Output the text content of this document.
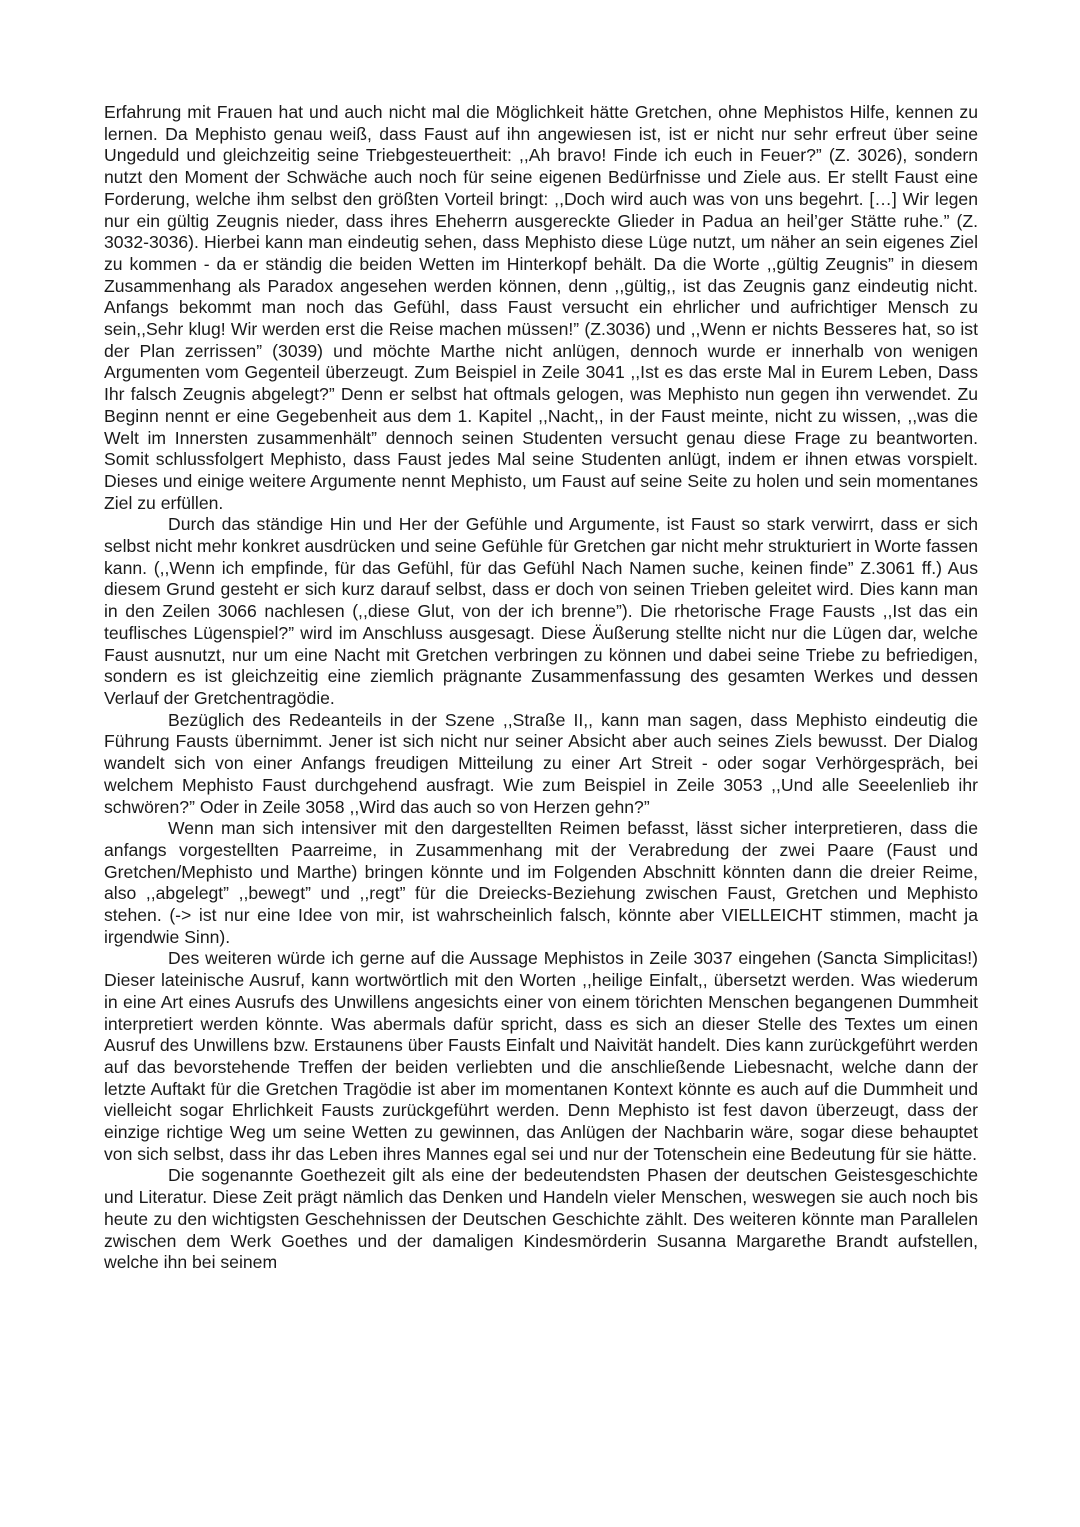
Erfahrung mit Frauen hat und auch nicht mal die Möglichkeit hätte Gretchen, ohne Mephistos Hilfe, kennen zu lernen. Da Mephisto genau weiß, dass Faust auf ihn angewiesen ist, ist er nicht nur sehr erfreut über seine Ungeduld und gleichzeitig seine Triebgesteuertheit: ,,Ah bravo! Finde ich euch in Feuer?” (Z. 3026), sondern nutzt den Moment der Schwäche auch noch für seine eigenen Bedürfnisse und Ziele aus. Er stellt Faust eine Forderung, welche ihm selbst den größten Vorteil bringt: ,,Doch wird auch was von uns begehrt. […] Wir legen nur ein gültig Zeugnis nieder, dass ihres Eheherrn ausgereckte Glieder in Padua an heil’ger Stätte ruhe.” (Z. 3032-3036). Hierbei kann man eindeutig sehen, dass Mephisto diese Lüge nutzt, um näher an sein eigenes Ziel zu kommen - da er ständig die beiden Wetten im Hinterkopf behält. Da die Worte ,,gültig Zeugnis” in diesem Zusammenhang als Paradox angesehen werden können, denn ,,gültig,, ist das Zeugnis ganz eindeutig nicht. Anfangs bekommt man noch das Gefühl, dass Faust versucht ein ehrlicher und aufrichtiger Mensch zu sein,,Sehr klug! Wir werden erst die Reise machen müssen!” (Z.3036) und ,,Wenn er nichts Besseres hat, so ist der Plan zerrissen” (3039) und möchte Marthe nicht anlügen, dennoch wurde er innerhalb von wenigen Argumenten vom Gegenteil überzeugt. Zum Beispiel in Zeile 3041 ,,Ist es das erste Mal in Eurem Leben, Dass Ihr falsch Zeugnis abgelegt?” Denn er selbst hat oftmals gelogen, was Mephisto nun gegen ihn verwendet. Zu Beginn nennt er eine Gegebenheit aus dem 1. Kapitel ,,Nacht,, in der Faust meinte, nicht zu wissen, ,,was die Welt im Innersten zusammenhält” dennoch seinen Studenten versucht genau diese Frage zu beantworten. Somit schlussfolgert Mephisto, dass Faust jedes Mal seine Studenten anlügt, indem er ihnen etwas vorspielt. Dieses und einige weitere Argumente nennt Mephisto, um Faust auf seine Seite zu holen und sein momentanes Ziel zu erfüllen.

Durch das ständige Hin und Her der Gefühle und Argumente, ist Faust so stark verwirrt, dass er sich selbst nicht mehr konkret ausdrücken und seine Gefühle für Gretchen gar nicht mehr strukturiert in Worte fassen kann. (,,Wenn ich empfinde, für das Gefühl, für das Gefühl Nach Namen suche, keinen finde” Z.3061 ff.) Aus diesem Grund gesteht er sich kurz darauf selbst, dass er doch von seinen Trieben geleitet wird. Dies kann man in den Zeilen 3066 nachlesen (,,diese Glut, von der ich brenne”). Die rhetorische Frage Fausts ,,Ist das ein teuflisches Lügenspiel?” wird im Anschluss ausgesagt. Diese Äußerung stellte nicht nur die Lügen dar, welche Faust ausnutzt, nur um eine Nacht mit Gretchen verbringen zu können und dabei seine Triebe zu befriedigen, sondern es ist gleichzeitig eine ziemlich prägnante Zusammenfassung des gesamten Werkes und dessen Verlauf der Gretchentragödie.

Bezüglich des Redeanteils in der Szene ,,Straße II,, kann man sagen, dass Mephisto eindeutig die Führung Fausts übernimmt. Jener ist sich nicht nur seiner Absicht aber auch seines Ziels bewusst. Der Dialog wandelt sich von einer Anfangs freudigen Mitteilung zu einer Art Streit - oder sogar Verhörgespräch, bei welchem Mephisto Faust durchgehend ausfragt. Wie zum Beispiel in Zeile 3053 ,,Und alle Seeelenlieb ihr schwören?” Oder in Zeile 3058 ,,Wird das auch so von Herzen gehn?”

Wenn man sich intensiver mit den dargestellten Reimen befasst, lässt sicher interpretieren, dass die anfangs vorgestellten Paarreime, in Zusammenhang mit der Verabredung der zwei Paare (Faust und Gretchen/Mephisto und Marthe) bringen könnte und im Folgenden Abschnitt könnten dann die dreier Reime, also ,,abgelegt” ,,bewegt” und ,,regt” für die Dreiecks-Beziehung zwischen Faust, Gretchen und Mephisto stehen. (-> ist nur eine Idee von mir, ist wahrscheinlich falsch, könnte aber VIELLEICHT stimmen, macht ja irgendwie Sinn).

Des weiteren würde ich gerne auf die Aussage Mephistos in Zeile 3037 eingehen (Sancta Simplicitas!) Dieser lateinische Ausruf, kann wortwörtlich mit den Worten ,,heilige Einfalt,, übersetzt werden. Was wiederum in eine Art eines Ausrufs des Unwillens angesichts einer von einem törichten Menschen begangenen Dummheit interpretiert werden könnte. Was abermals dafür spricht, dass es sich an dieser Stelle des Textes um einen Ausruf des Unwillens bzw. Erstaunens über Fausts Einfalt und Naivität handelt. Dies kann zurückgeführt werden auf das bevorstehende Treffen der beiden verliebten und die anschließende Liebesnacht, welche dann der letzte Auftakt für die Gretchen Tragödie ist aber im momentanen Kontext könnte es auch auf die Dummheit und vielleicht sogar Ehrlichkeit Fausts zurückgeführt werden. Denn Mephisto ist fest davon überzeugt, dass der einzige richtige Weg um seine Wetten zu gewinnen, das Anlügen der Nachbarin wäre, sogar diese behauptet von sich selbst, dass ihr das Leben ihres Mannes egal sei und nur der Totenschein eine Bedeutung für sie hätte.

Die sogenannte Goethezeit gilt als eine der bedeutendsten Phasen der deutschen Geistesgeschichte und Literatur. Diese Zeit prägt nämlich das Denken und Handeln vieler Menschen, weswegen sie auch noch bis heute zu den wichtigsten Geschehnissen der Deutschen Geschichte zählt. Des weiteren könnte man Parallelen zwischen dem Werk Goethes und der damaligen Kindesmörderin Susanna Margarethe Brandt aufstellen, welche ihn bei seinem
